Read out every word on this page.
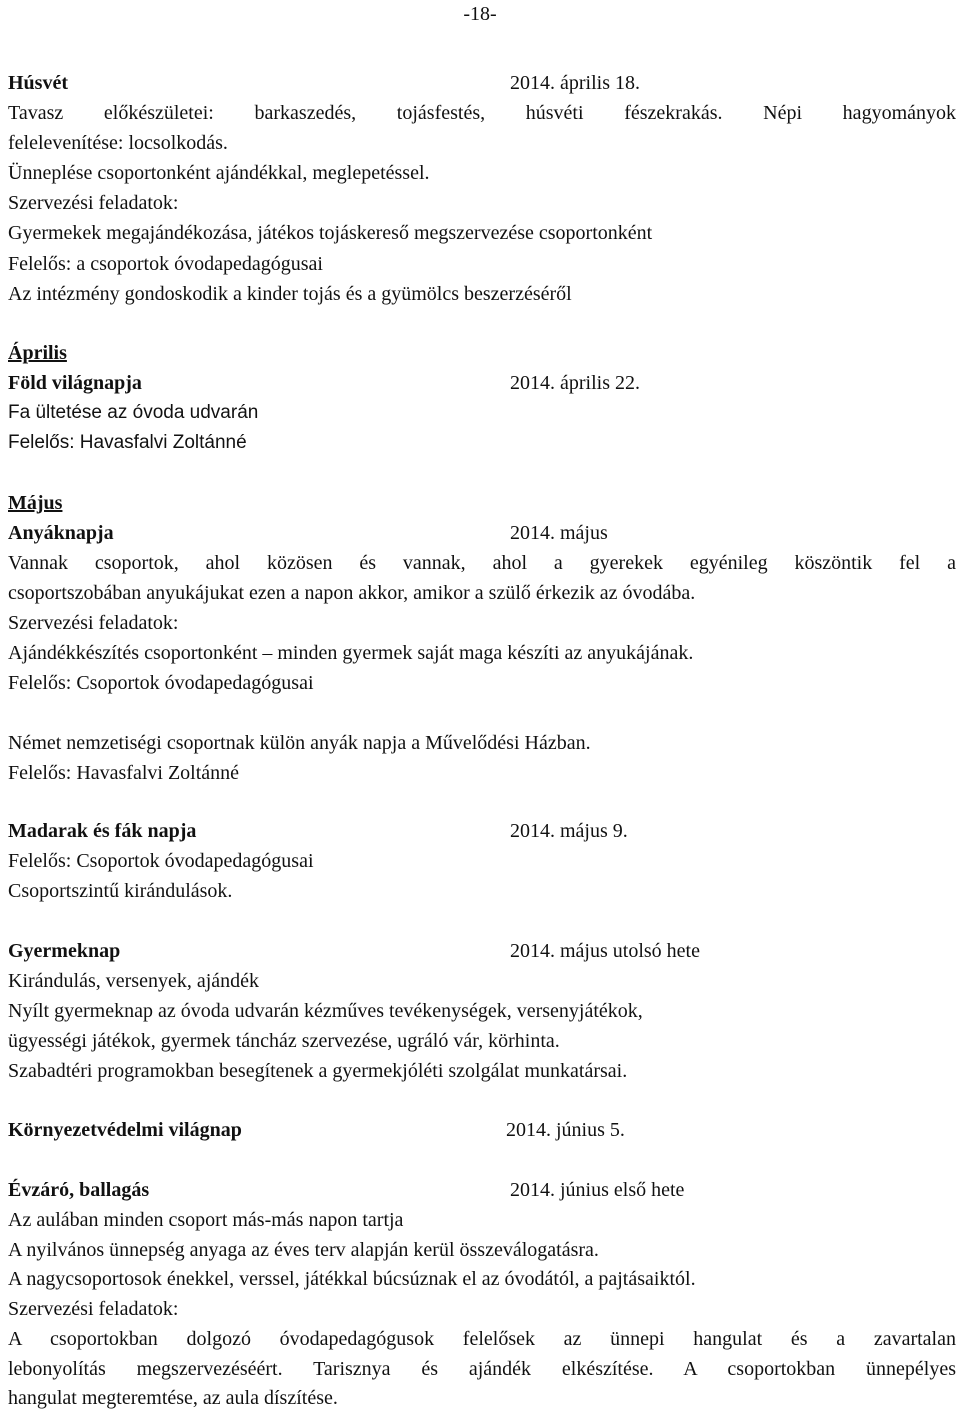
-18-
Húsvét	2014. április 18.
Tavasz előkészületei: barkaszedés, tojásfestés, húsvéti fészekrakás. Népi hagyományok
felelevenítése: locsolkodás.
Ünneplése csoportonként ajándékkal, meglepetéssel.
Szervezési feladatok:
Gyermekek megajándékozása, játékos tojáskereső megszervezése csoportonként
Felelős: a csoportok óvodapedagógusai
Az intézmény gondoskodik a kinder tojás és a gyümölcs beszerzéséről
Április
Föld világnapja	2014. április 22.
Fa ültetése az óvoda udvarán
Felelős: Havasfalvi Zoltánné
Május
Anyáknapja	2014. május
Vannak csoportok, ahol közösen és vannak, ahol a gyerekek egyénileg köszöntik fel a
csoportszobában anyukájukat ezen a napon akkor, amikor a szülő érkezik az óvodába.
Szervezési feladatok:
Ajándékkészítés csoportonként – minden gyermek saját maga készíti az anyukájának.
Felelős: Csoportok óvodapedagógusai
Német nemzetiségi csoportnak külön anyák napja a Művelődési Házban.
Felelős: Havasfalvi Zoltánné
Madarak és fák napja	2014. május 9.
Felelős: Csoportok óvodapedagógusai
Csoportszintű kirándulások.
Gyermeknap	2014. május utolsó hete
Kirándulás, versenyek, ajándék
Nyílt gyermeknap az óvoda udvarán kézműves tevékenységek, versenyjátékok,
ügyességi játékok, gyermek táncház szervezése, ugráló vár, körhinta.
Szabadtéri programokban besegítenek a gyermekjóléti szolgálat munkatársai.
Környezetvédelmi világnap	2014. június 5.
Évzáró, ballagás	2014. június első hete
Az aulában minden csoport más-más napon tartja
A nyilvános ünnepség anyaga az éves terv alapján kerül összeválogatásra.
A nagycsoportosok énekkel, verssel, játékkal búcsúznak el az óvodától, a pajtásaiktól.
Szervezési feladatok:
A csoportokban dolgozó óvodapedagógusok felelősek az ünnepi hangulat és a zavartalan
lebonyolítás megszervezéséért. Tarisznya és ajándék elkészítése. A csoportokban ünnepélyes
hangulat megteremtése, az aula díszítése.
